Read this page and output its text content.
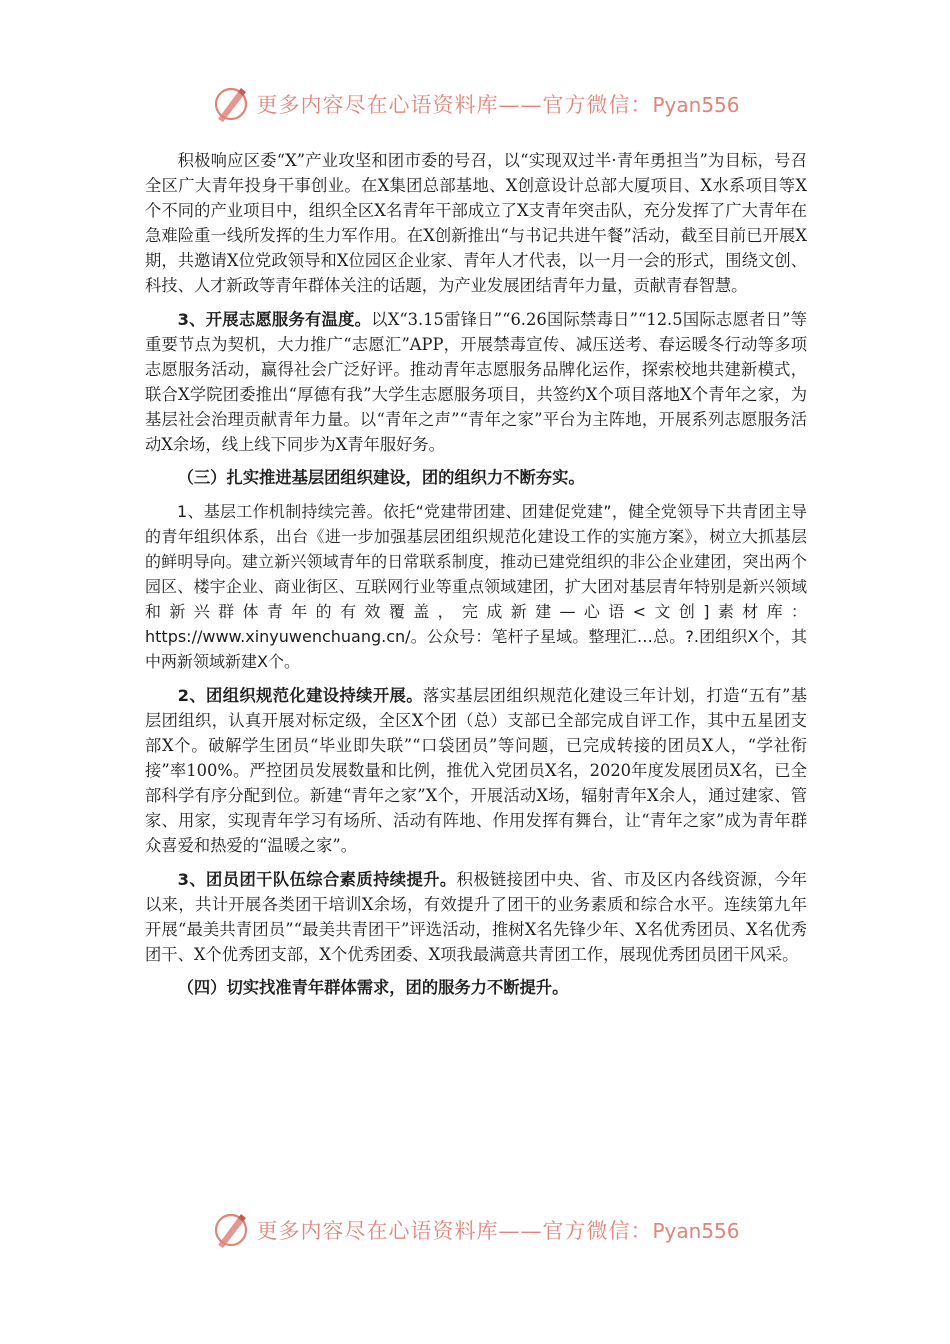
更多内容尽在心语资料库——官方微信：Pyan556

积极响应区委“X”产业攻坚和团市委的号召，以“实现双过半·青年勇担当”为目标，号召全区广大青年投身干事创业。在X集团总部基地、X创意设计总部大厦项目、X水系项目等X个不同的产业项目中，组织全区X名青年干部成立了X支青年突击队，充分发挥了广大青年在急难险重一线所发挥的生力军作用。在X创新推出“与书记共进午餐”活动，截至目前已开展X期，共邀请X位党政领导和X位园区企业家、青年人才代表，以一月一会的形式，围绕文创、科技、人才新政等青年群体关注的话题，为产业发展团结青年力量，贡献青春智慧。

3、开展志愿服务有温度。以X“3.15雷锋日”“6.26国际禁毒日”“12.5国际志愿者日”等重要节点为契机，大力推广“志愿汇”APP，开展禁毒宣传、减压送考、春运暖冬行动等多项志愿服务活动，赢得社会广泛好评。推动青年志愿服务品牌化运作，探索校地共建新模式，联合X学院团委推出“厚德有我”大学生志愿服务项目，共签约X个项目落地X个青年之家，为基层社会治理贡献青年力量。以“青年之声”“青年之家”平台为主阵地，开展系列志愿服务活动X余场，线上线下同步为X青年服好务。

（三）扎实推进基层团组织建设，团的组织力不断夯实。

1、基层工作机制持续完善。依托“党建带团建、团建促党建”，健全党领导下共青团主导的青年组织体系，出台《进一步加强基层团组织规范化建设工作的实施方案》，树立大抓基层的鲜明导向。建立新兴领域青年的日常联系制度，推动已建党组织的非公企业建团，突出两个园区、楼宇企业、商业街区、互联网行业等重点领域建团，扩大团对基层青年特别是新兴领域和新兴群体青年的有效覆盖，完成新建—心语<文创]素材库：https://www.xinyuwenchuang.cn/。公众号：笔杆子星域。整理汇…总。?.团组织X个，其中两新领域新建X个。

2、团组织规范化建设持续开展。落实基层团组织规范化建设三年计划，打造“五有”基层团组织，认真开展对标定级，全区X个团（总）支部已全部完成自评工作，其中五星团支部X个。破解学生团员“毕业即失联”“口袋团员”等问题，已完成转接的团员X人，“学社衔接”率100%。严控团员发展数量和比例，推优入党团员X名，2020年度发展团员X名，已全部科学有序分配到位。新建“青年之家”X个，开展活动X场，辐射青年X余人，通过建家、管家、用家，实现青年学习有场所、活动有阵地、作用发挥有舞台，让“青年之家”成为青年群众喜爱和热爱的“温暖之家”。

3、团员团干队伍综合素质持续提升。积极链接团中央、省、市及区内各线资源，今年以来，共计开展各类团干培训X余场，有效提升了团干的业务素质和综合水平。连续第九年开展“最美共青团员”“最美共青团干”评选活动，推树X名先锋少年、X名优秀团员、X名优秀团干、X个优秀团支部，X个优秀团委、X项我最满意共青团工作，展现优秀团员团干风采。

（四）切实找准青年群体需求，团的服务力不断提升。
更多内容尽在心语资料库——官方微信：Pyan556
